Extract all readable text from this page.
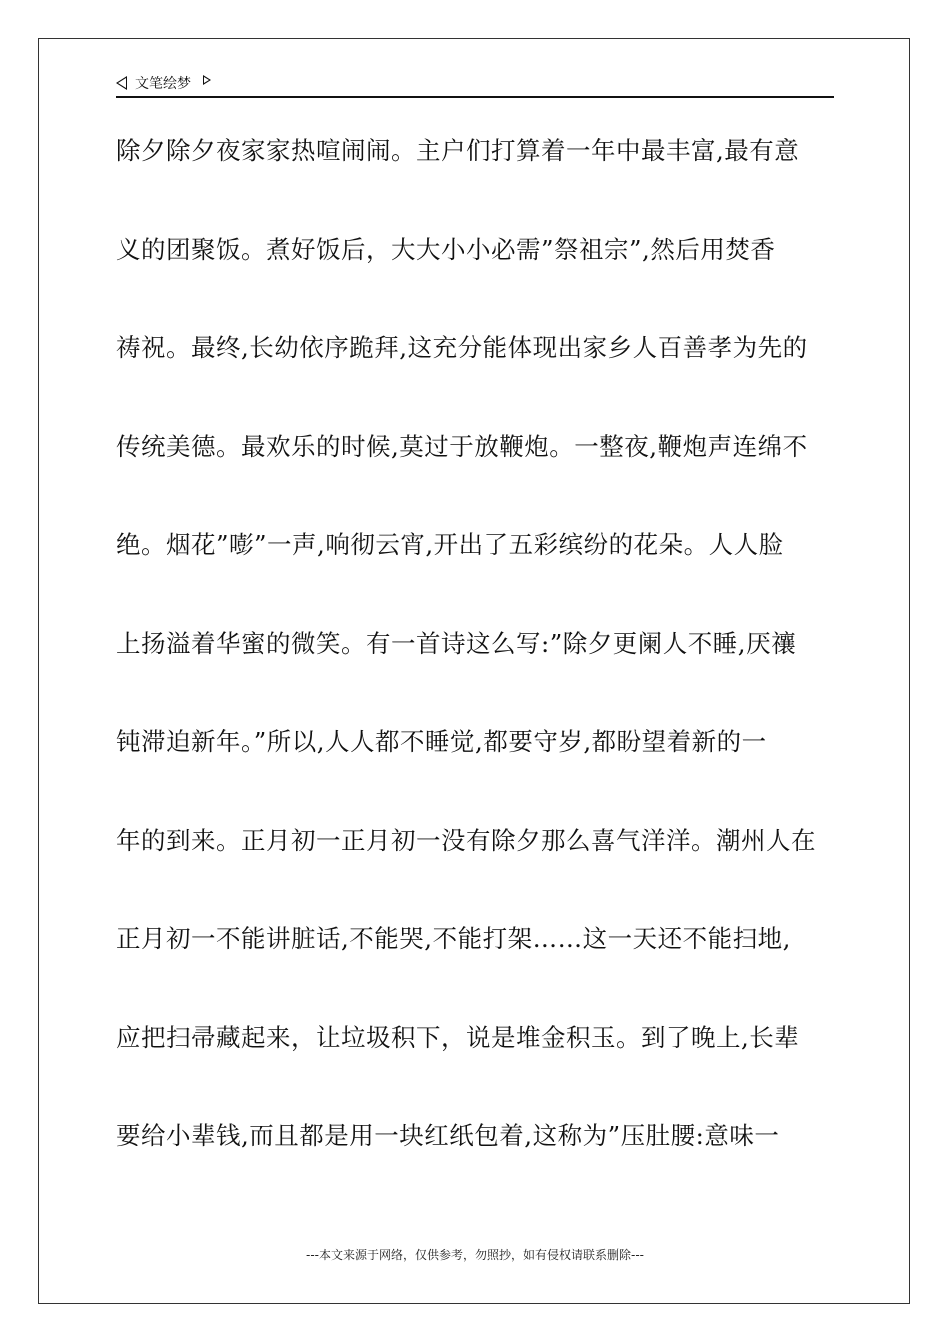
文笔绘梦
除夕除夕夜家家热喧闹闹。主户们打算着一年中最丰富,最有意
义的团聚饭。煮好饭后，大大小小必需”祭祖宗”,然后用焚香
祷祝。最终,长幼依序跪拜,这充分能体现出家乡人百善孝为先的
传统美德。最欢乐的时候,莫过于放鞭炮。一整夜,鞭炮声连绵不
绝。烟花”嘭”一声,响彻云宵,开出了五彩缤纷的花朵。人人脸
上扬溢着华蜜的微笑。有一首诗这么写:”除夕更阑人不睡,厌禳
钝滞迫新年。”所以,人人都不睡觉,都要守岁,都盼望着新的一
年的到来。正月初一正月初一没有除夕那么喜气洋洋。潮州人在
正月初一不能讲脏话,不能哭,不能打架……这一天还不能扫地,
应把扫帚藏起来，让垃圾积下，说是堆金积玉。到了晚上,长辈
要给小辈钱,而且都是用一块红纸包着,这称为”压肚腰:意味一
---本文来源于网络，仅供参考，勿照抄，如有侵权请联系删除---
